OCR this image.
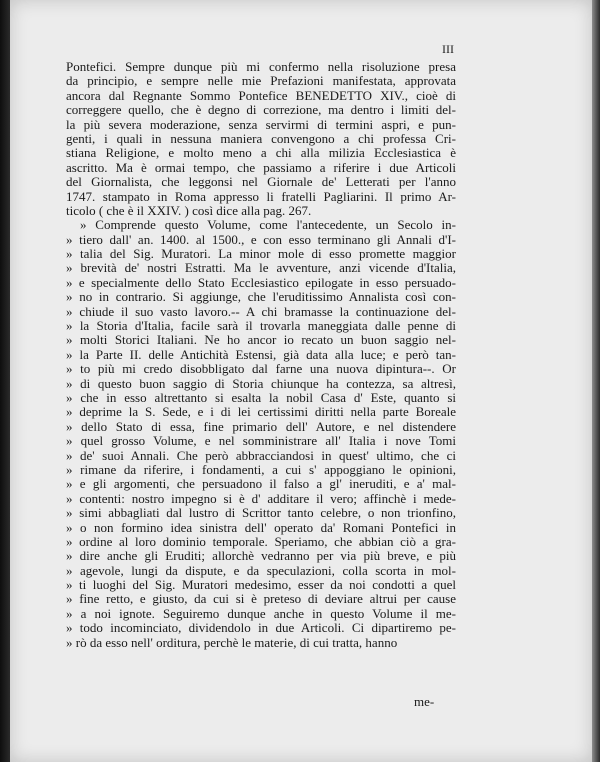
III
Pontefici. Sempre dunque più mi confermo nella risoluzione presa
da principio, e sempre nelle mie Prefazioni manifestata, approvata
ancora dal Regnante Sommo Pontefice BENEDETTO XIV., cioè di
correggere quello, che è degno di correzione, ma dentro i limiti del-
la più severa moderazione, senza servirmi di termini aspri, e pun-
genti, i quali in nessuna maniera convengono a chi professa Cri-
stiana Religione, e molto meno a chi alla milizia Ecclesiastica è
ascritto. Ma è ormai tempo, che passiamo a riferire i due Articoli
del Giornalista, che leggonsi nel Giornale de' Letterati per l'anno
1747. stampato in Roma appresso li fratelli Pagliarini. Il primo Ar-
ticolo ( che è il XXIV. ) così dice alla pag. 267.
» Comprende questo Volume, come l'antecedente, un Secolo in-
» tiero dall' an. 1400. al 1500., e con esso terminano gli Annali d'I-
» talia del Sig. Muratori. La minor mole di esso promette maggior
» brevità de' nostri Estratti. Ma le avventure, anzi vicende d'Italia,
» e specialmente dello Stato Ecclesiastico epilogate in esso persuado-
» no in contrario. Si aggiunge, che l'eruditissimo Annalista così con-
» chiude il suo vasto lavoro.-- A chi bramasse la continuazione del-
» la Storia d'Italia, facile sarà il trovarla maneggiata dalle penne di
» molti Storici Italiani. Ne ho ancor io recato un buon saggio nel-
» la Parte II. delle Antichità Estensi, già data alla luce; e però tan-
» to più mi credo disobbligato dal farne una nuova dipintura--. Or
» di questo buon saggio di Storia chiunque ha contezza, sa altresì,
» che in esso altrettanto si esalta la nobil Casa d' Este, quanto si
» deprime la S. Sede, e i di lei certissimi diritti nella parte Boreale
» dello Stato di essa, fine primario dell' Autore, e nel distendere
» quel grosso Volume, e nel somministrare all' Italia i nove Tomi
» de' suoi Annali. Che però abbracciandosi in quest' ultimo, che ci
» rimane da riferire, i fondamenti, a cui s' appoggiano le opinioni,
» e gli argomenti, che persuadono il falso a gl' ineruditi, e a' mal-
» contenti: nostro impegno si è d' additare il vero; affinchè i mede-
» simi abbagliati dal lustro di Scrittor tanto celebre, o non trionfino,
» o non formino idea sinistra dell' operato da' Romani Pontefici in
» ordine al loro dominio temporale. Speriamo, che abbian ciò a gra-
» dire anche gli Eruditi; allorchè vedranno per via più breve, e più
» agevole, lungi da dispute, e da speculazioni, colla scorta in mol-
» ti luoghi del Sig. Muratori medesimo, esser da noi condotti a quel
» fine retto, e giusto, da cui si è preteso di deviare altrui per cause
» a noi ignote. Seguiremo dunque anche in questo Volume il me-
» todo incominciato, dividendolo in due Articoli. Ci dipartiremo pe-
» rò da esso nell' orditura, perchè le materie, di cui tratta, hanno
me-
